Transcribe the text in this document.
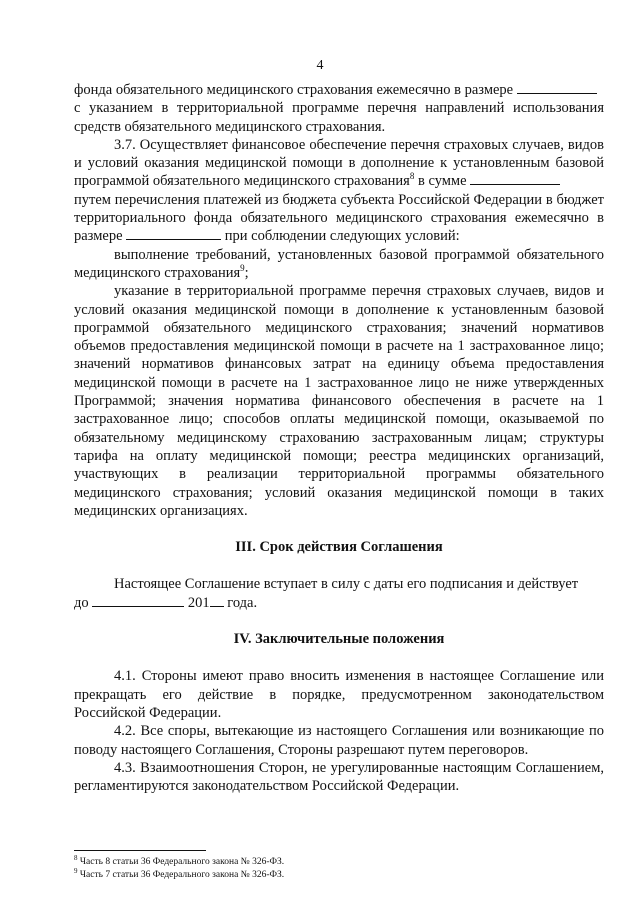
4

фонда обязательного медицинского страхования ежемесячно в размере

с указанием в территориальной программе перечня направлений использования средств обязательного медицинского страхования.

3.7. Осуществляет финансовое обеспечение перечня страховых случаев, видов и условий оказания медицинской помощи в дополнение к установленным базовой программой обязательного медицинского страхования$^8$ в сумме

путем перечисления платежей из бюджета субъекта Российской Федерации в бюджет территориального фонда обязательного медицинского страхования ежемесячно в размере	при соблюдении следующих условий:

выполнение требований, установленных базовой программой обязательного медицинского страхования$^9$;

указание в территориальной программе перечня страховых случаев, видов и условий оказания медицинской помощи в дополнение к установленным базовой программой обязательного медицинского страхования; значений нормативов объемов предоставления медицинской помощи в расчете на 1 застрахованное лицо; значений нормативов финансовых затрат на единицу объема предоставления медицинской помощи в расчете на 1 застрахованное лицо не ниже утвержденных Программой; значения норматива финансового обеспечения в расчете на 1 застрахованное лицо; способов оплаты медицинской помощи, оказываемой по обязательному медицинскому страхованию застрахованным лицам; структуры тарифа на оплату медицинской помощи; реестра медицинских организаций, участвующих в реализации территориальной программы обязательного медицинского страхования; условий оказания медицинской помощи в таких медицинских организациях.

III. Срок действия Соглашения

Настоящее Соглашение вступает в силу с даты его подписания и действует

до	201 года.

IV. Заключительные положения

4.1. Стороны имеют право вносить изменения в настоящее Соглашение или прекращать его действие в порядке, предусмотренном законодательством Российской Федерации.

4.2. Все споры, вытекающие из настоящего Соглашения или возникающие по поводу настоящего Соглашения, Стороны разрешают путем переговоров.

4.3. Взаимоотношения Сторон, не урегулированные настоящим Соглашением, регламентируются законодательством Российской Федерации.

$^8$ Часть 8 статьи 36 Федерального закона № 326-ФЗ.
$^9$ Часть 7 статьи 36 Федерального закона № 326-ФЗ.
